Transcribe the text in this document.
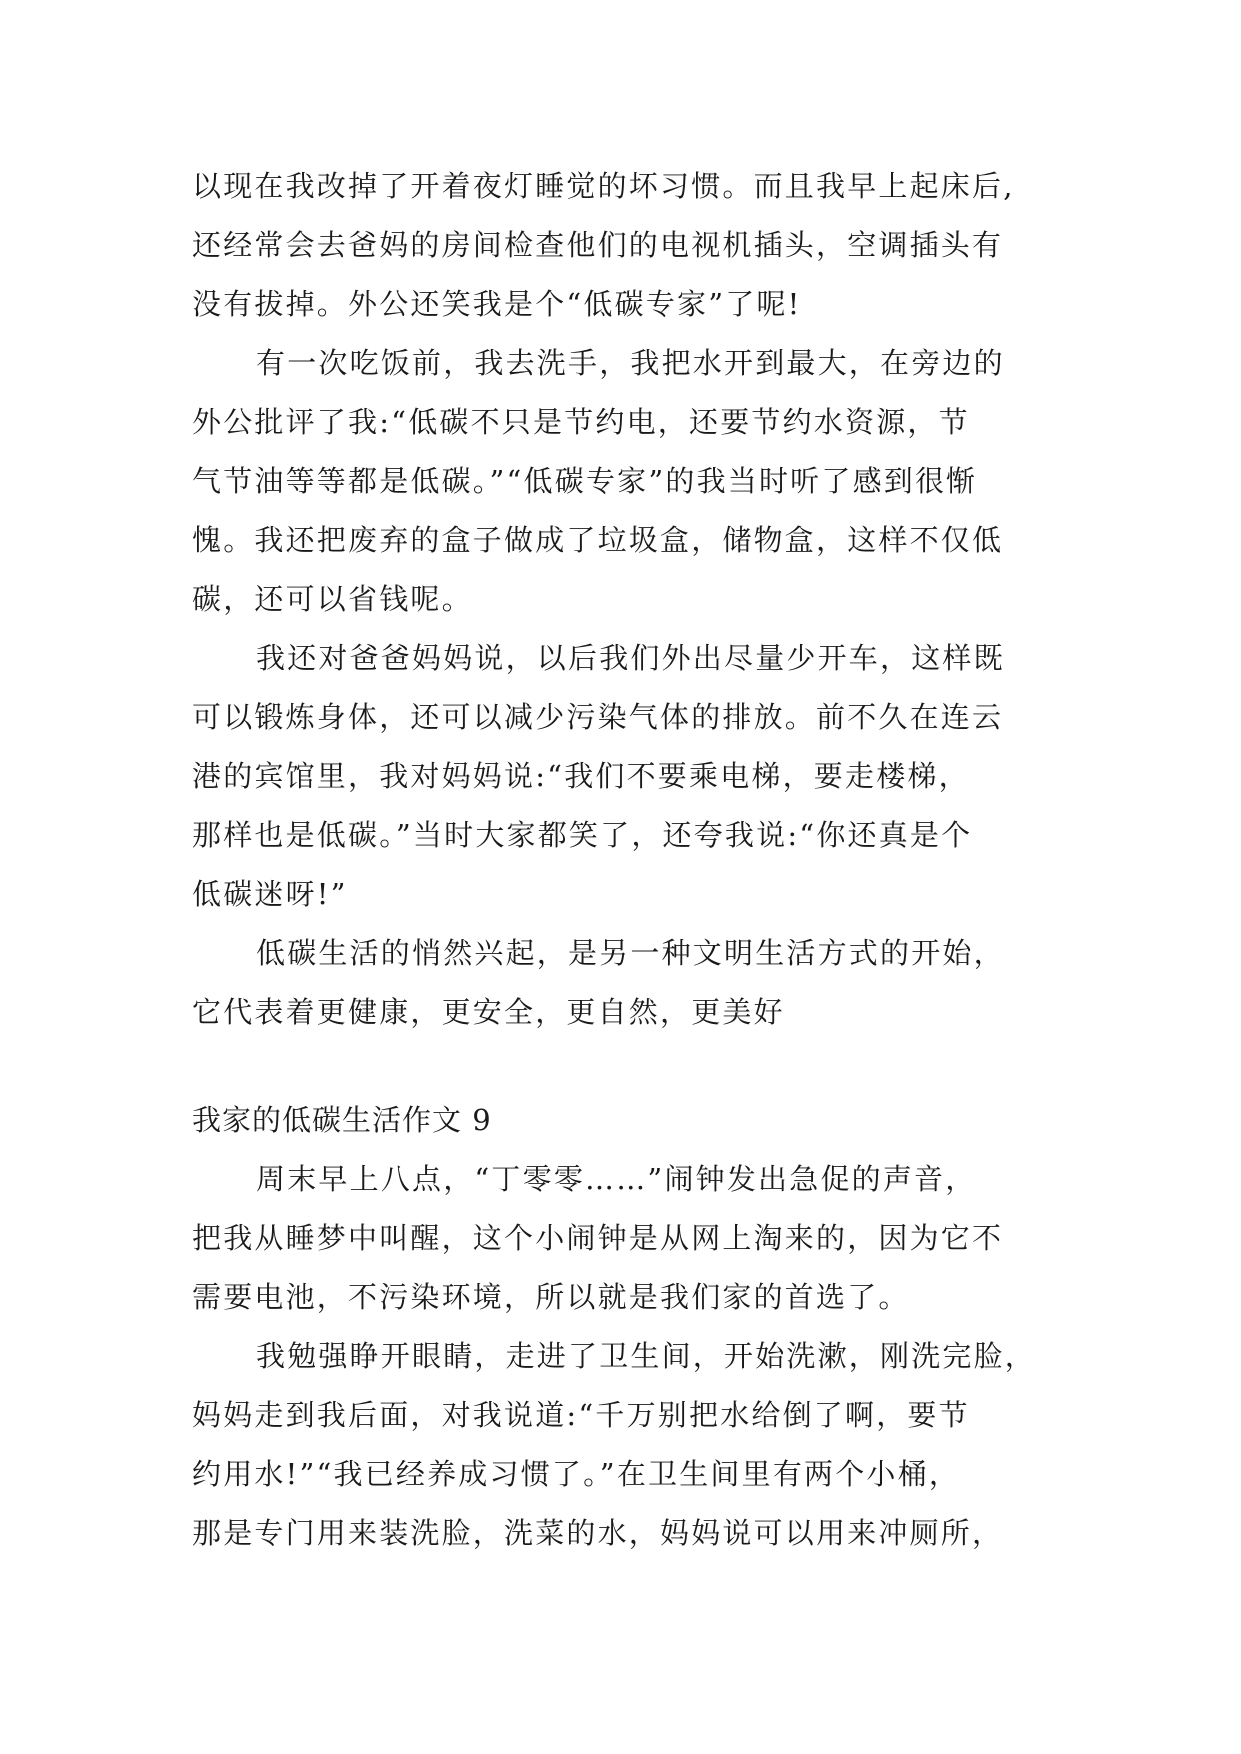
以现在我改掉了开着夜灯睡觉的坏习惯。而且我早上起床后,
还经常会去爸妈的房间检查他们的电视机插头，空调插头有
没有拔掉。外公还笑我是个“低碳专家”了呢!
有一次吃饭前，我去洗手，我把水开到最大，在旁边的
外公批评了我:“低碳不只是节约电，还要节约水资源，节
气节油等等都是低碳。”“低碳专家”的我当时听了感到很惭
愧。我还把废弃的盒子做成了垃圾盒，储物盒，这样不仅低
碳，还可以省钱呢。
我还对爸爸妈妈说，以后我们外出尽量少开车，这样既
可以锻炼身体，还可以减少污染气体的排放。前不久在连云
港的宾馆里，我对妈妈说:“我们不要乘电梯，要走楼梯，
那样也是低碳。”当时大家都笑了，还夸我说:“你还真是个
低碳迷呀!”
低碳生活的悄然兴起，是另一种文明生活方式的开始，
它代表着更健康，更安全，更自然，更美好
我家的低碳生活作文 9
周末早上八点，“丁零零……”闹钟发出急促的声音，
把我从睡梦中叫醒，这个小闹钟是从网上淘来的，因为它不
需要电池，不污染环境，所以就是我们家的首选了。
我勉强睁开眼睛，走进了卫生间，开始洗漱，刚洗完脸，
妈妈走到我后面，对我说道:“千万别把水给倒了啊，要节
约用水!”“我已经养成习惯了。”在卫生间里有两个小桶，
那是专门用来装洗脸，洗菜的水，妈妈说可以用来冲厕所，
